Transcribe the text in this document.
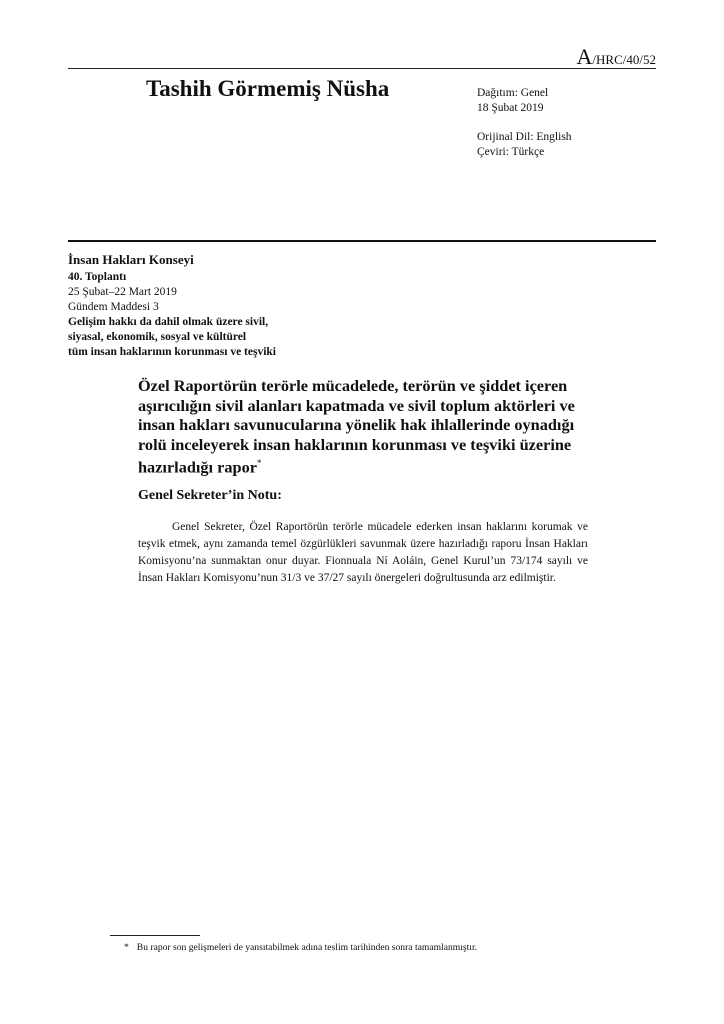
A/HRC/40/52
Tashih Görmemiş Nüsha	Dağıtım: Genel
18 Şubat 2019
Orijinal Dil: English
Çeviri: Türkçe
İnsan Hakları Konseyi
40. Toplantı
25 Şubat–22 Mart 2019
Gündem Maddesi 3
Gelişim hakkı da dahil olmak üzere sivil,
siyasal, ekonomik, sosyal ve kültürel
tüm insan haklarının korunması ve teşviki
Özel Raportörün terörle mücadelede, terörün ve şiddet içeren aşırıcılığın sivil alanları kapatmada ve sivil toplum aktörleri ve insan hakları savunucularına yönelik hak ihlallerinde oynadığı rolü inceleyerek insan haklarının korunması ve teşviki üzerine hazırladığı rapor*
Genel Sekreter’in Notu:
Genel Sekreter, Özel Raportörün terörle mücadele ederken insan haklarını korumak ve teşvik etmek, aynı zamanda temel özgürlükleri savunmak üzere hazırladığı raporu İnsan Hakları Komisyonu’na sunmaktan onur duyar. Fionnuala Ní Aoláin, Genel Kurul’un 73/174 sayılı ve İnsan Hakları Komisyonu’nun 31/3 ve 37/27 sayılı önergeleri doğrultusunda arz edilmiştir.
* Bu rapor son gelişmeleri de yansıtabilmek adına teslim tarihinden sonra tamamlanmıştır.
